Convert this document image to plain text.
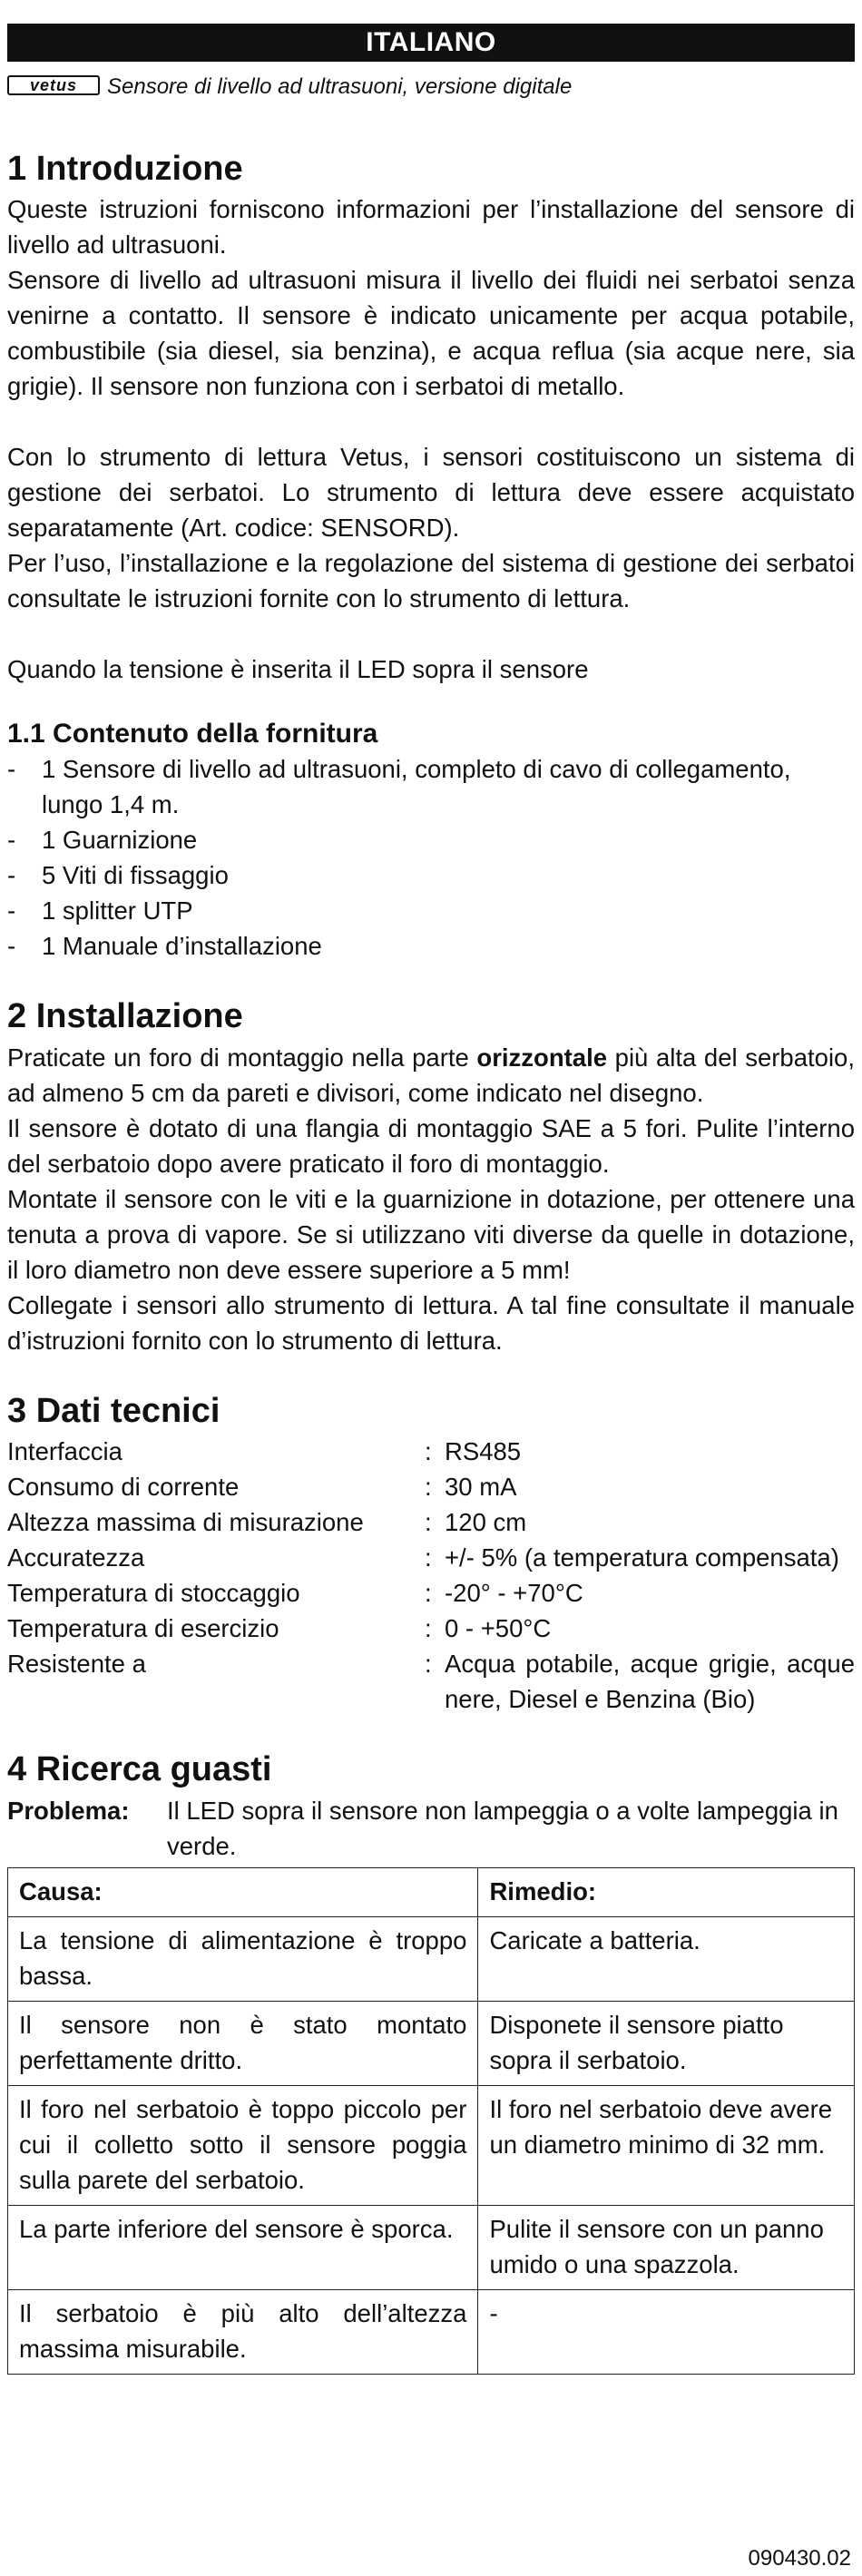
ITALIANO
vetus Sensore di livello ad ultrasuoni, versione digitale
1 Introduzione

Queste istruzioni forniscono informazioni per l’installazione del sensore di livello ad ultrasuoni.

Sensore di livello ad ultrasuoni misura il livello dei fluidi nei serbatoi senza venirne a contatto. Il sensore è indicato unicamente per acqua potabile, combustibile (sia diesel, sia benzina), e acqua reflua (sia acque nere, sia grigie). Il sensore non funziona con i serbatoi di metallo.

Con lo strumento di lettura Vetus, i sensori costituiscono un sistema di gestione dei serbatoi. Lo strumento di lettura deve essere acquistato separatamente (Art. codice: SENSORD).

Per l’uso, l’installazione e la regolazione del sistema di gestione dei serbatoi consultate le istruzioni fornite con lo strumento di lettura.

Quando la tensione è inserita il LED sopra il sensore

1.1 Contenuto della fornitura
-	1 Sensore di livello ad ultrasuoni, completo di cavo di collegamento, lungo 1,4 m.
-	1 Guarnizione
-	5 Viti di fissaggio
-	1 splitter UTP
-	1 Manuale d’installazione
2 Installazione

Praticate un foro di montaggio nella parte orizzontale più alta del serbatoio, ad almeno 5 cm da pareti e divisori, come indicato nel disegno.

Il sensore è dotato di una flangia di montaggio SAE a 5 fori. Pulite l’interno del serbatoio dopo avere praticato il foro di montaggio.

Montate il sensore con le viti e la guarnizione in dotazione, per ottenere una tenuta a prova di vapore. Se si utilizzano viti diverse da quelle in dotazione, il loro diametro non deve essere superiore a 5 mm!

Collegate i sensori allo strumento di lettura. A tal fine consultate il manuale d’istruzioni fornito con lo strumento di lettura.

3 Dati tecnici
Interfaccia	: RS485
Consumo di corrente	: 30 mA
Altezza massima di misurazione	: 120 cm
Accuratezza	: +/- 5% (a temperatura compensata)
Temperatura di stoccaggio	: -20° - +70°C
Temperatura di esercizio	: 0 - +50°C
Resistente a	: Acqua potabile, acque grigie, acque nere, Diesel e Benzina (Bio)
4 Ricerca guasti
Problema:	Il LED sopra il sensore non lampeggia o a volte lampeggia in verde.
Causa:	Rimedio:
La tensione di alimentazione è troppo bassa.	Caricate a batteria.
Il sensore non è stato montato perfettamente dritto.	Disponete il sensore piatto sopra il serbatoio.
Il foro nel serbatoio è toppo piccolo per cui il colletto sotto il sensore poggia sulla parete del serbatoio.	Il foro nel serbatoio deve avere un diametro minimo di 32 mm.
La parte inferiore del sensore è sporca.	Pulite il sensore con un panno umido o una spazzola.
Il serbatoio è più alto dell’altezza massima misurabile.	-
090430.02
